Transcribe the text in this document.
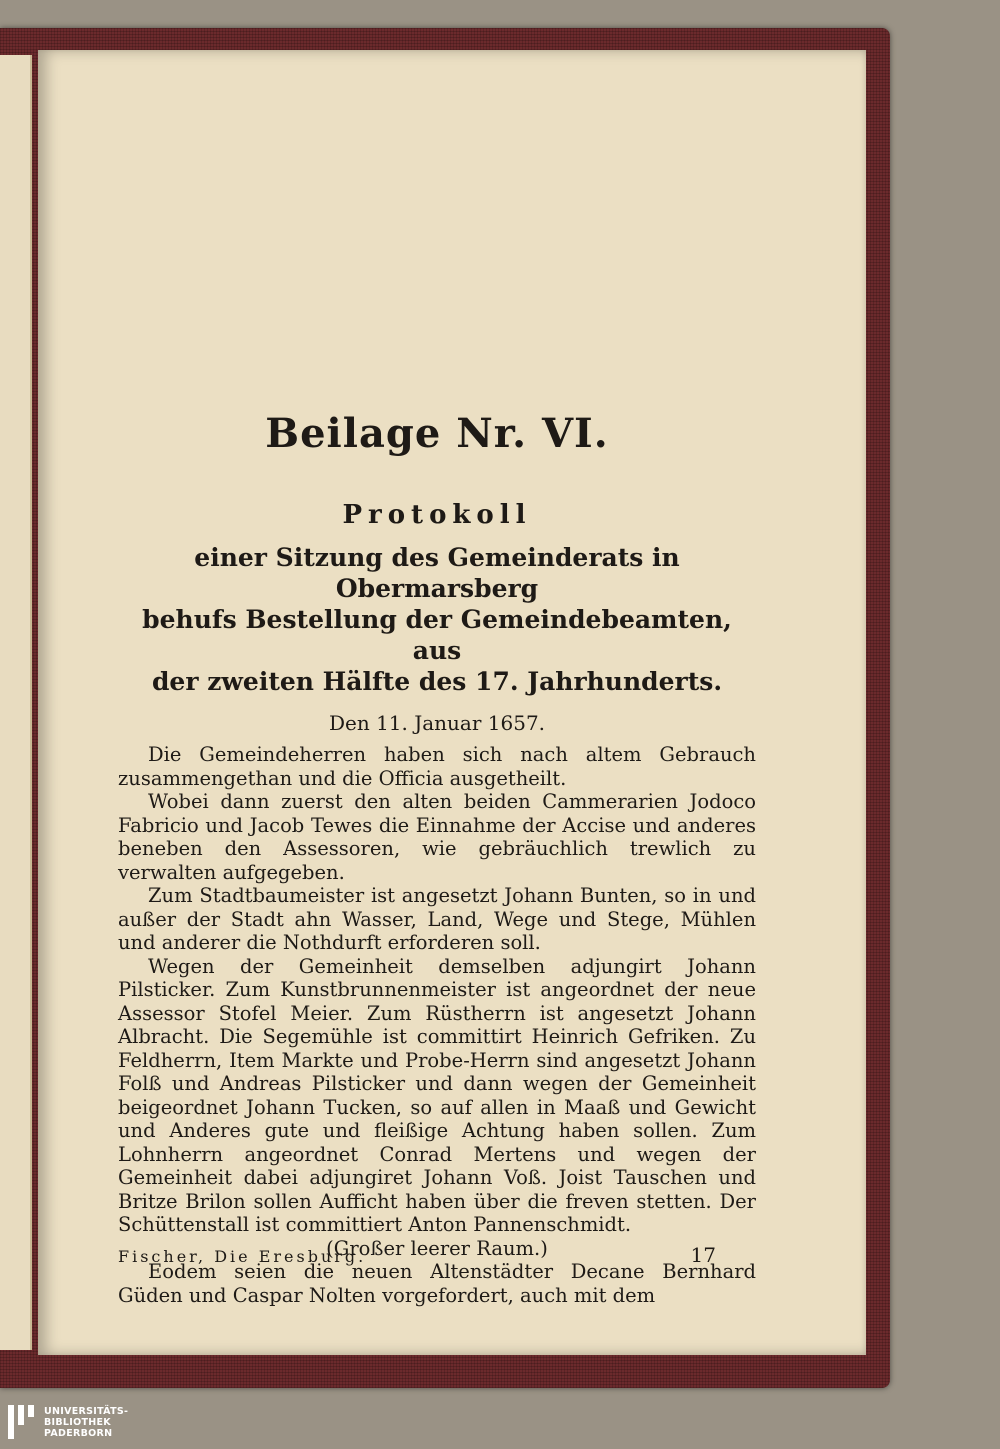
Beilage Nr. VI.
Protokoll

einer Sitzung des Gemeinderats in Obermarsberg

behufs Bestellung der Gemeindebeamten, aus

der zweiten Hälfte des 17. Jahrhunderts.

Den 11. Januar 1657.

Die Gemeindeherren haben sich nach altem Gebrauch zusammengethan und die Officia ausgetheilt.

Wobei dann zuerst den alten beiden Cammerarien Jodoco Fabricio und Jacob Tewes die Einnahme der Accise und anderes beneben den Assessoren, wie gebräuchlich trewlich zu verwalten aufgegeben.

Zum Stadtbaumeister ist angesetzt Johann Bunten, so in und außer der Stadt ahn Wasser, Land, Wege und Stege, Mühlen und anderer die Nothdurft erforderen soll.

Wegen der Gemeinheit demselben adjungirt Johann Pilsticker. Zum Kunstbrunnenmeister ist angeordnet der neue Assessor Stofel Meier. Zum Rüstherrn ist angesetzt Johann Albracht. Die Segemühle ist committirt Heinrich Gefriken. Zu Feldherrn, Item Markte und Probe-Herrn sind angesetzt Johann Folß und Andreas Pilsticker und dann wegen der Gemeinheit beigeordnet Johann Tucken, so auf allen in Maaß und Gewicht und Anderes gute und fleißige Achtung haben sollen. Zum Lohnherrn angeordnet Conrad Mertens und wegen der Gemeinheit dabei adjungiret Johann Voß. Joist Tauschen und Britze Brilon sollen Aufficht haben über die freven stetten. Der Schüttenstall ist committiert Anton Pannenschmidt.

(Großer leerer Raum.)

Eodem seien die neuen Altenstädter Decane Bernhard Güden und Caspar Nolten vorgefordert, auch mit dem

Fischer, Die Eresburg.	17
UNIVERSITÄTS-
BIBLIOTHEK
PADERBORN
